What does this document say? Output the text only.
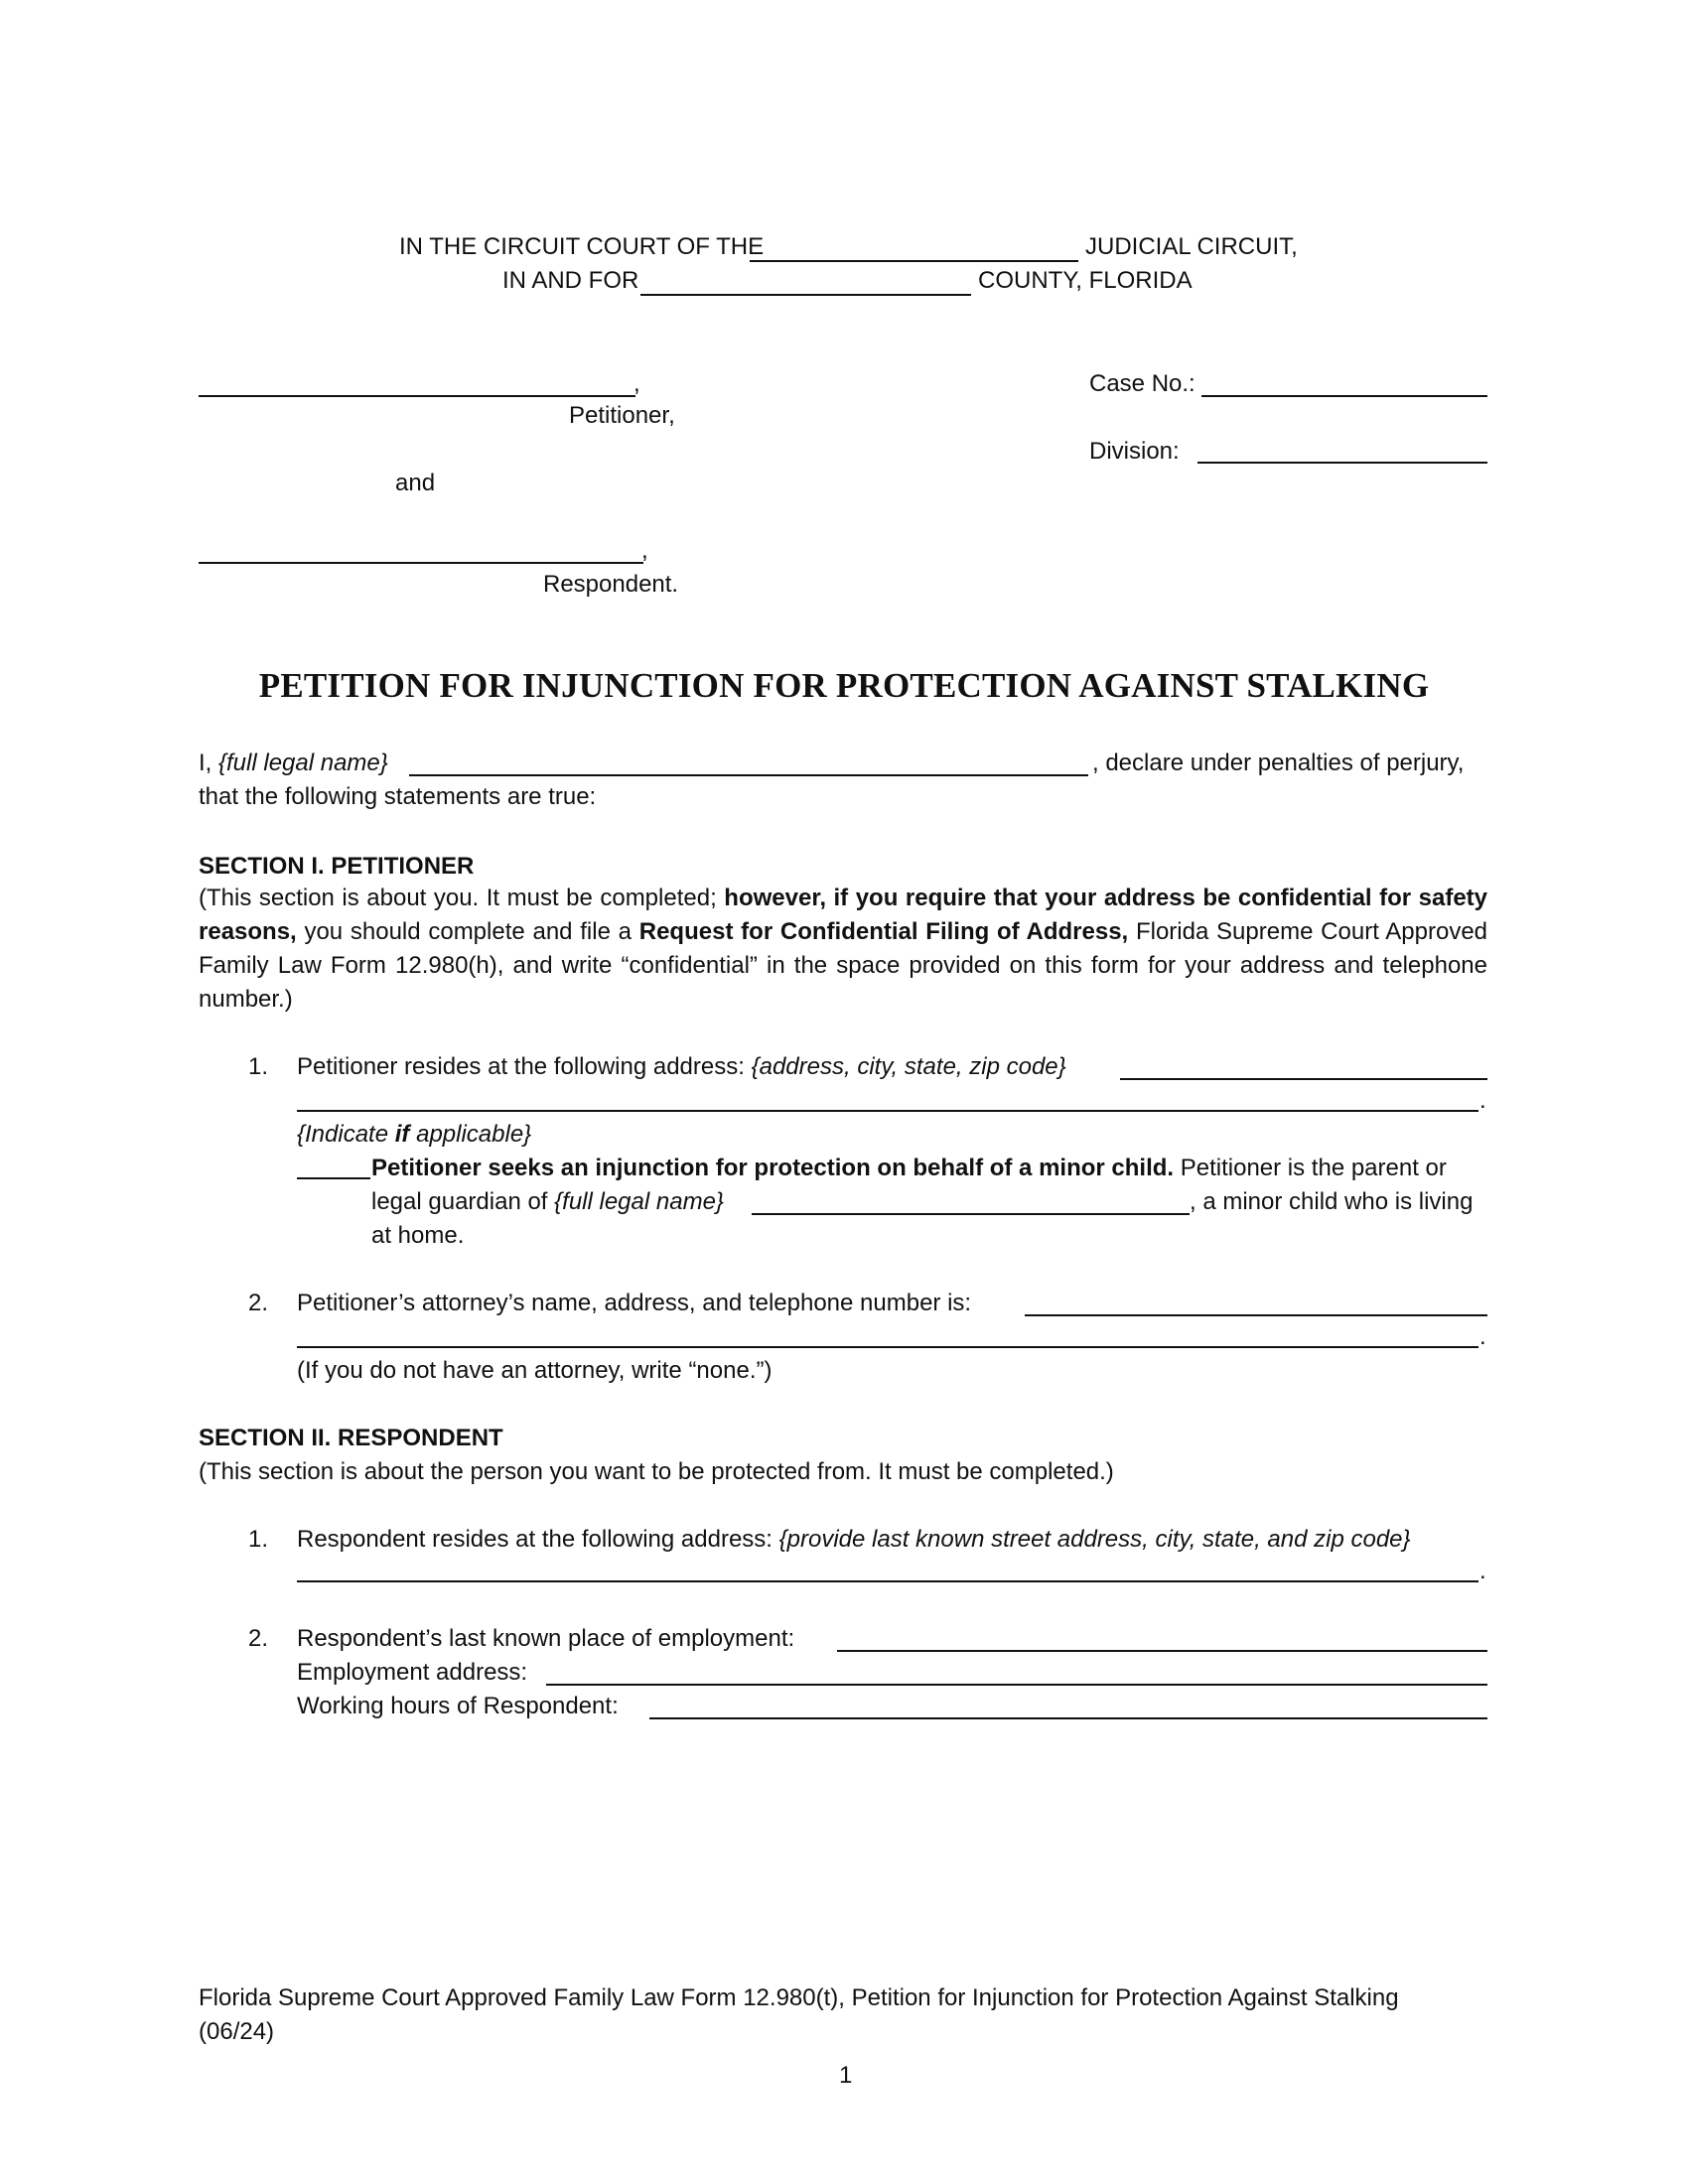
IN THE CIRCUIT COURT OF THE	JUDICIAL CIRCUIT,
IN AND FOR	COUNTY, FLORIDA
,
Petitioner,
and
,
Respondent.
Case No.:
Division:
PETITION FOR INJUNCTION FOR PROTECTION AGAINST STALKING
I, {full legal name}	, declare under penalties of perjury,
that the following statements are true:
SECTION I. PETITIONER
(This section is about you. It must be completed; however, if you require that your address be confidential for safety reasons, you should complete and file a Request for Confidential Filing of Address, Florida Supreme Court Approved Family Law Form 12.980(h), and write “confidential” in the space provided on this form for your address and telephone number.)
1. Petitioner resides at the following address: {address, city, state, zip code}
.
{Indicate if applicable}
Petitioner seeks an injunction for protection on behalf of a minor child. Petitioner is the parent or
legal guardian of {full legal name}	, a minor child who is living
at home.
2. Petitioner’s attorney’s name, address, and telephone number is:
.
(If you do not have an attorney, write “none.”)
SECTION II. RESPONDENT
(This section is about the person you want to be protected from. It must be completed.)
1. Respondent resides at the following address: {provide last known street address, city, state, and zip code}
.
2. Respondent’s last known place of employment:
Employment address:
Working hours of Respondent:
Florida Supreme Court Approved Family Law Form 12.980(t), Petition for Injunction for Protection Against Stalking
(06/24)
1
